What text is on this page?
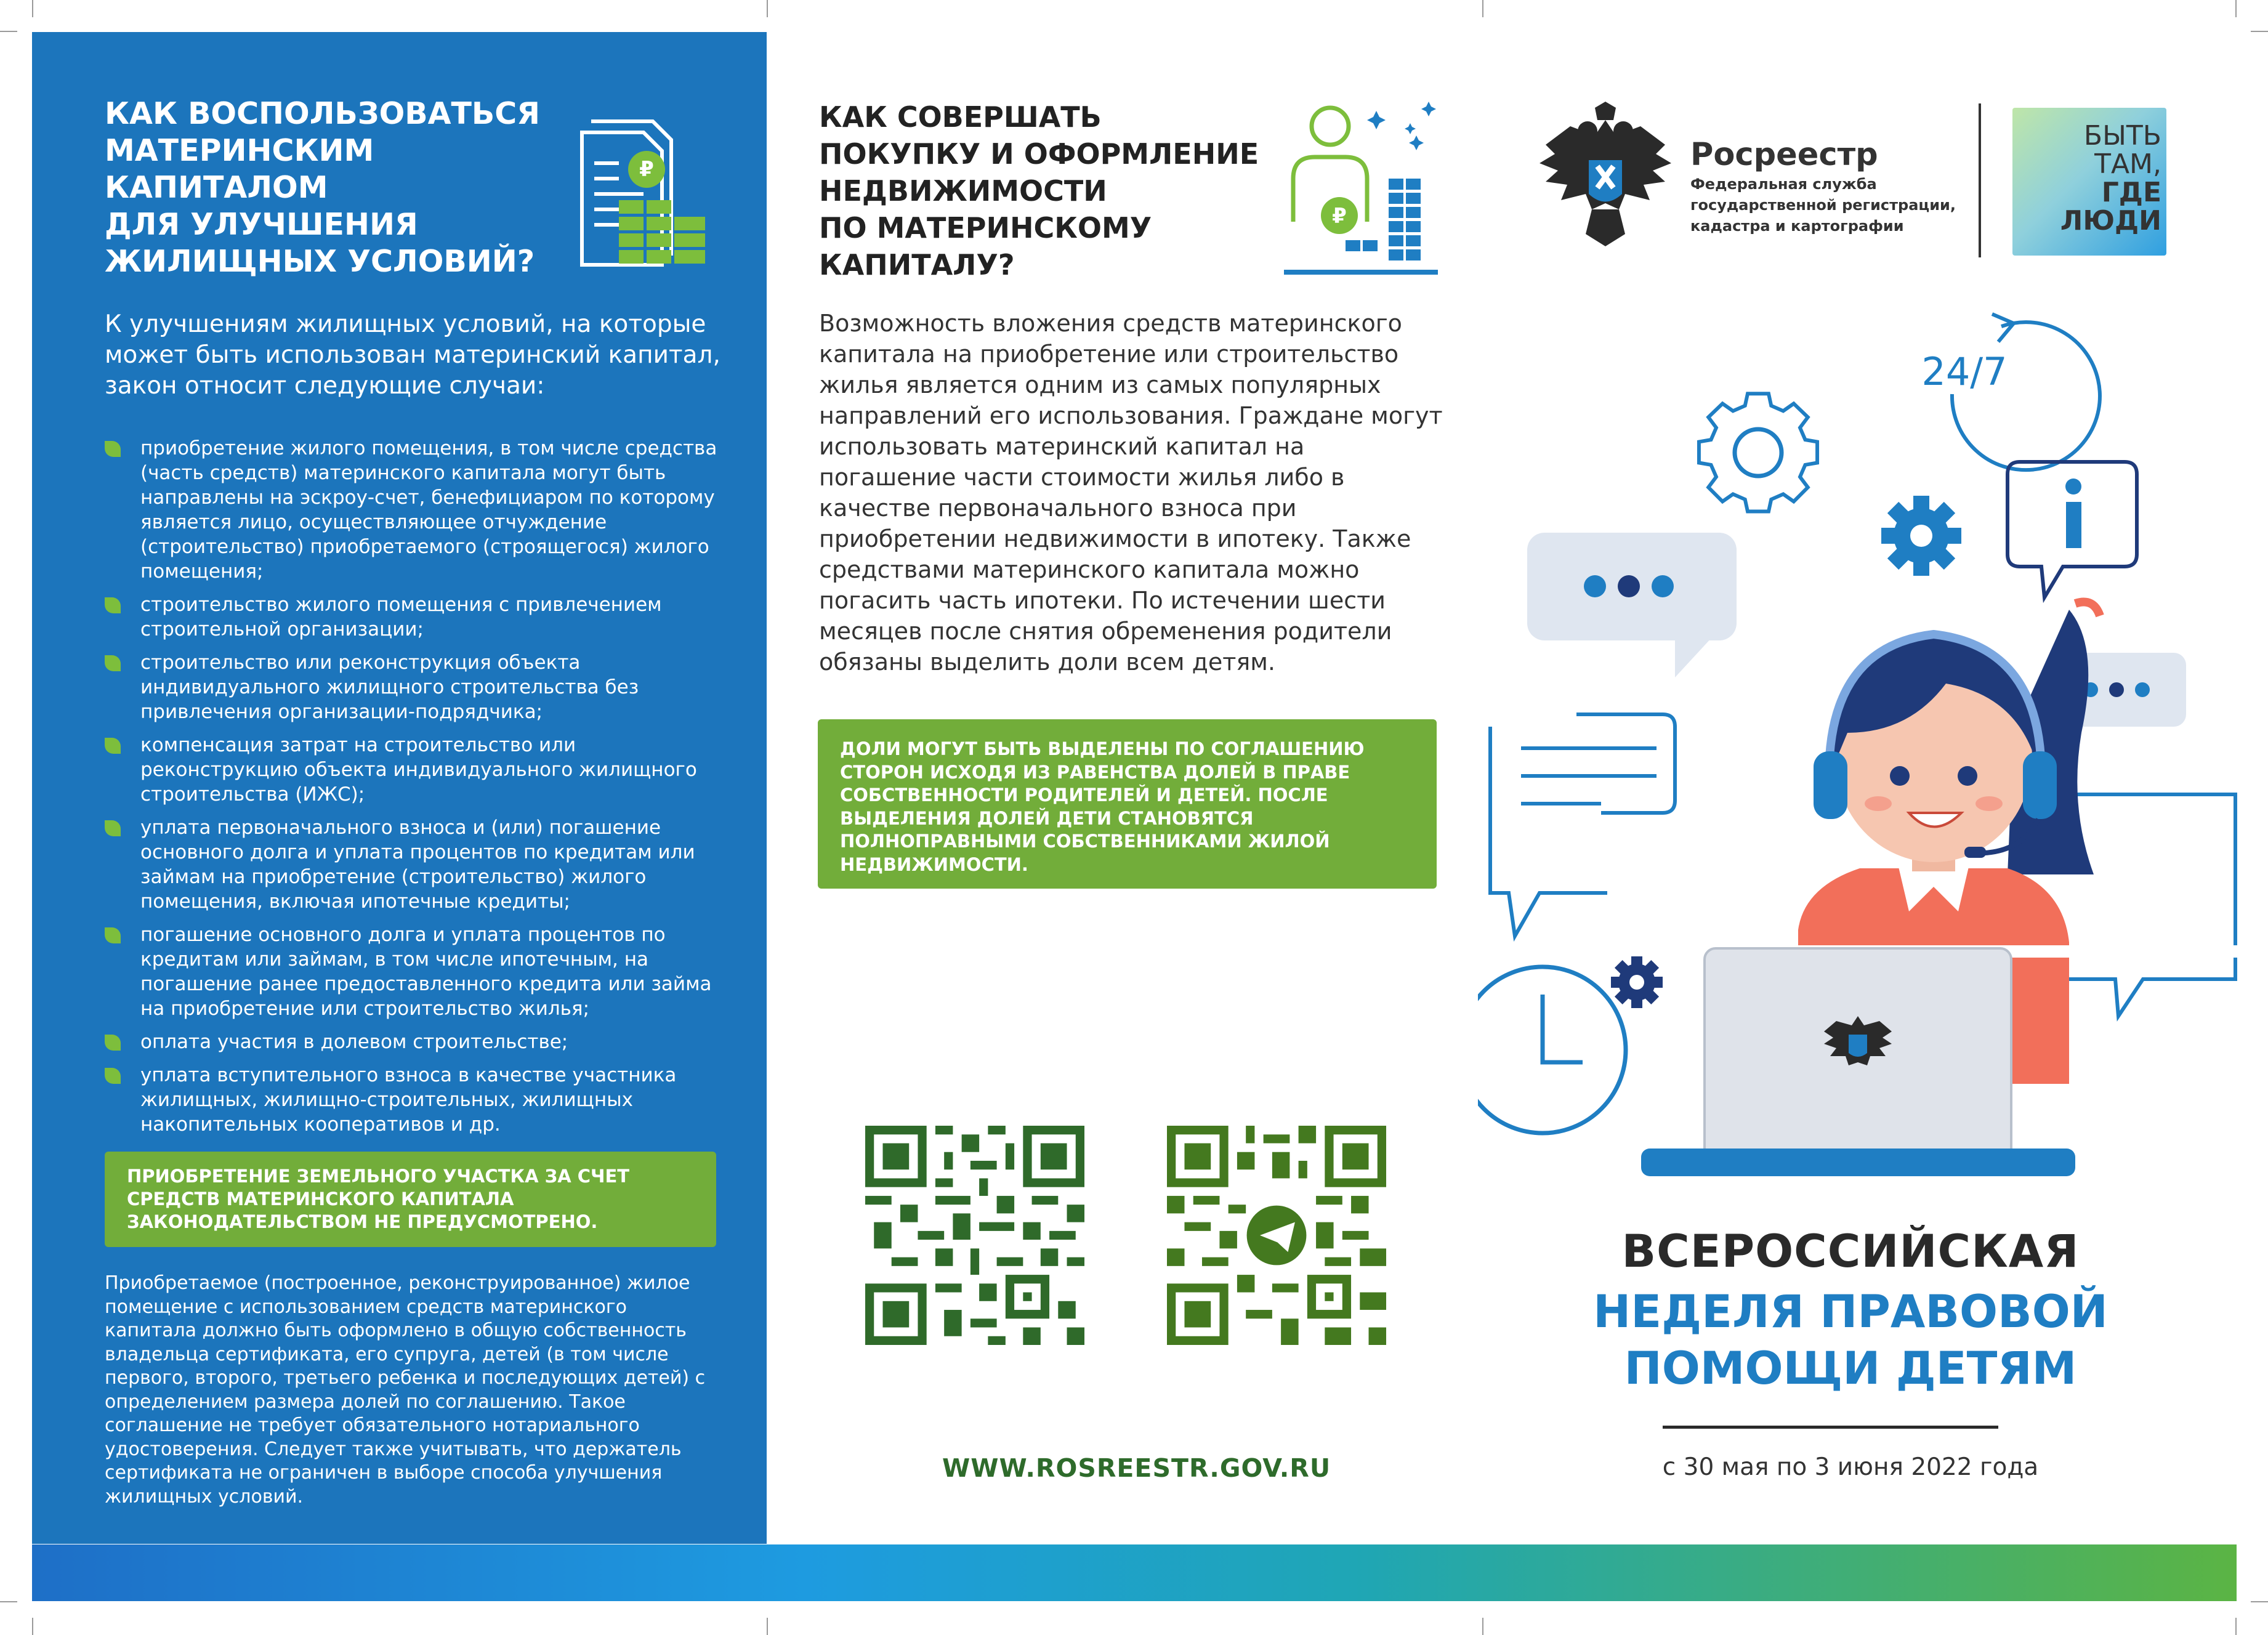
КАК ВОСПОЛЬЗОВАТЬСЯ
МАТЕРИНСКИМ
КАПИТАЛОМ
ДЛЯ УЛУЧШЕНИЯ
ЖИЛИЩНЫХ УСЛОВИЙ?
₽
К улучшениям жилищных условий, на которые может быть использован материнский капитал, закон относит следующие случаи:
приобретение жилого помещения, в том числе средства (часть средств) материнского капитала могут быть направлены на эскроу-счет, бенефициаром по которому является лицо, осуществляющее отчуждение (строительство) приобретаемого (строящегося) жилого помещения;
строительство жилого помещения с привлечением строительной организации;
строительство или реконструкция объекта индивидуального жилищного строительства без привлечения организации-подрядчика;
компенсация затрат на строительство или реконструкцию объекта индивидуального жилищного строительства (ИЖС);
уплата первоначального взноса и (или) погашение основного долга и уплата процентов по кредитам или займам на приобретение (строительство) жилого помещения, включая ипотечные кредиты;
погашение основного долга и уплата процентов по кредитам или займам, в том числе ипотечным, на погашение ранее предоставленного кредита или займа на приобретение или строительство жилья;
оплата участия в долевом строительстве;
уплата вступительного взноса в качестве участника жилищных, жилищно-строительных, жилищных накопительных кооперативов и др.
ПРИОБРЕТЕНИЕ ЗЕМЕЛЬНОГО УЧАСТКА ЗА СЧЕТ СРЕДСТВ МАТЕРИНСКОГО КАПИТАЛА ЗАКОНОДАТЕЛЬСТВОМ НЕ ПРЕДУСМОТРЕНО.
Приобретаемое (построенное, реконструированное) жилое помещение с использованием средств материнского капитала должно быть оформлено в общую собственность владельца сертификата, его супруга, детей (в том числе первого, второго, третьего ребенка и последующих детей) с определением размера долей по соглашению. Такое соглашение не требует обязательного нотариального удостоверения. Следует также учитывать, что держатель сертификата не ограничен в выборе способа улучшения жилищных условий.
КАК СОВЕРШАТЬ
ПОКУПКУ И ОФОРМЛЕНИЕ
НЕДВИЖИМОСТИ
ПО МАТЕРИНСКОМУ
КАПИТАЛУ?
₽
Возможность вложения средств материнского капитала на приобретение или строительство жилья является одним из самых популярных направлений его использования. Граждане могут использовать материнский капитал на погашение части стоимости жилья либо в качестве первоначального взноса при приобретении недвижимости в ипотеку. Также средствами материнского капитала можно погасить часть ипотеки. По истечении шести месяцев после снятия обременения родители обязаны выделить доли всем детям.
ДОЛИ МОГУТ БЫТЬ ВЫДЕЛЕНЫ ПО СОГЛАШЕНИЮ СТОРОН ИСХОДЯ ИЗ РАВЕНСТВА ДОЛЕЙ В ПРАВЕ СОБСТВЕННОСТИ РОДИТЕЛЕЙ И ДЕТЕЙ. ПОСЛЕ ВЫДЕЛЕНИЯ ДОЛЕЙ ДЕТИ СТАНОВЯТСЯ ПОЛНОПРАВНЫМИ СОБСТВЕННИКАМИ ЖИЛОЙ НЕДВИЖИМОСТИ.
WWW.ROSREESTR.GOV.RU
Росреестр
Федеральная служба государственной регистрации, кадастра и картографии
БЫТЬ
ТАМ,
ГДЕ
ЛЮДИ
24/7
ВСЕРОССИЙСКАЯ
НЕДЕЛЯ ПРАВОВОЙ
ПОМОЩИ ДЕТЯМ
с 30 мая по 3 июня 2022 года
